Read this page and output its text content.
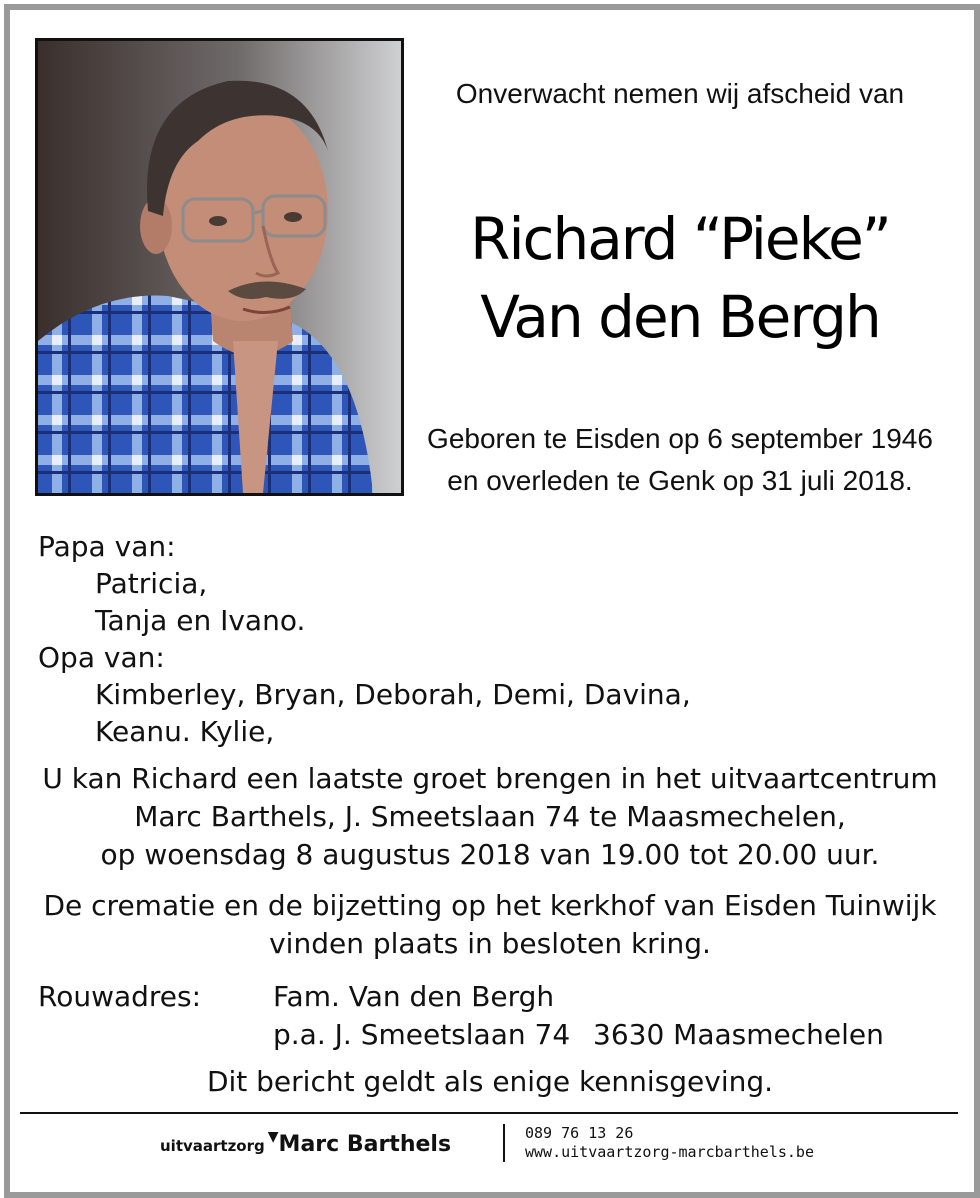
Onverwacht nemen wij afscheid van
Richard “Pieke”
Van den Bergh
Geboren te Eisden op 6 september 1946
en overleden te Genk op 31 juli 2018.
Papa van:
Patricia,
Tanja en Ivano.
Opa van:
Kimberley, Bryan, Deborah, Demi, Davina,
Keanu. Kylie,
U kan Richard een laatste groet brengen in het uitvaartcentrum
Marc Barthels, J. Smeetslaan 74 te Maasmechelen,
op woensdag 8 augustus 2018 van 19.00 tot 20.00 uur.
De crematie en de bijzetting op het kerkhof van Eisden Tuinwijk
vinden plaats in besloten kring.
Rouwadres:	Fam. Van den Bergh
p.a. J. Smeetslaan 74 3630 Maasmechelen
Dit bericht geldt als enige kennisgeving.
uitvaartzorg ▼Marc Barthels	089 76 13 26
www.uitvaartzorg-marcbarthels.be
